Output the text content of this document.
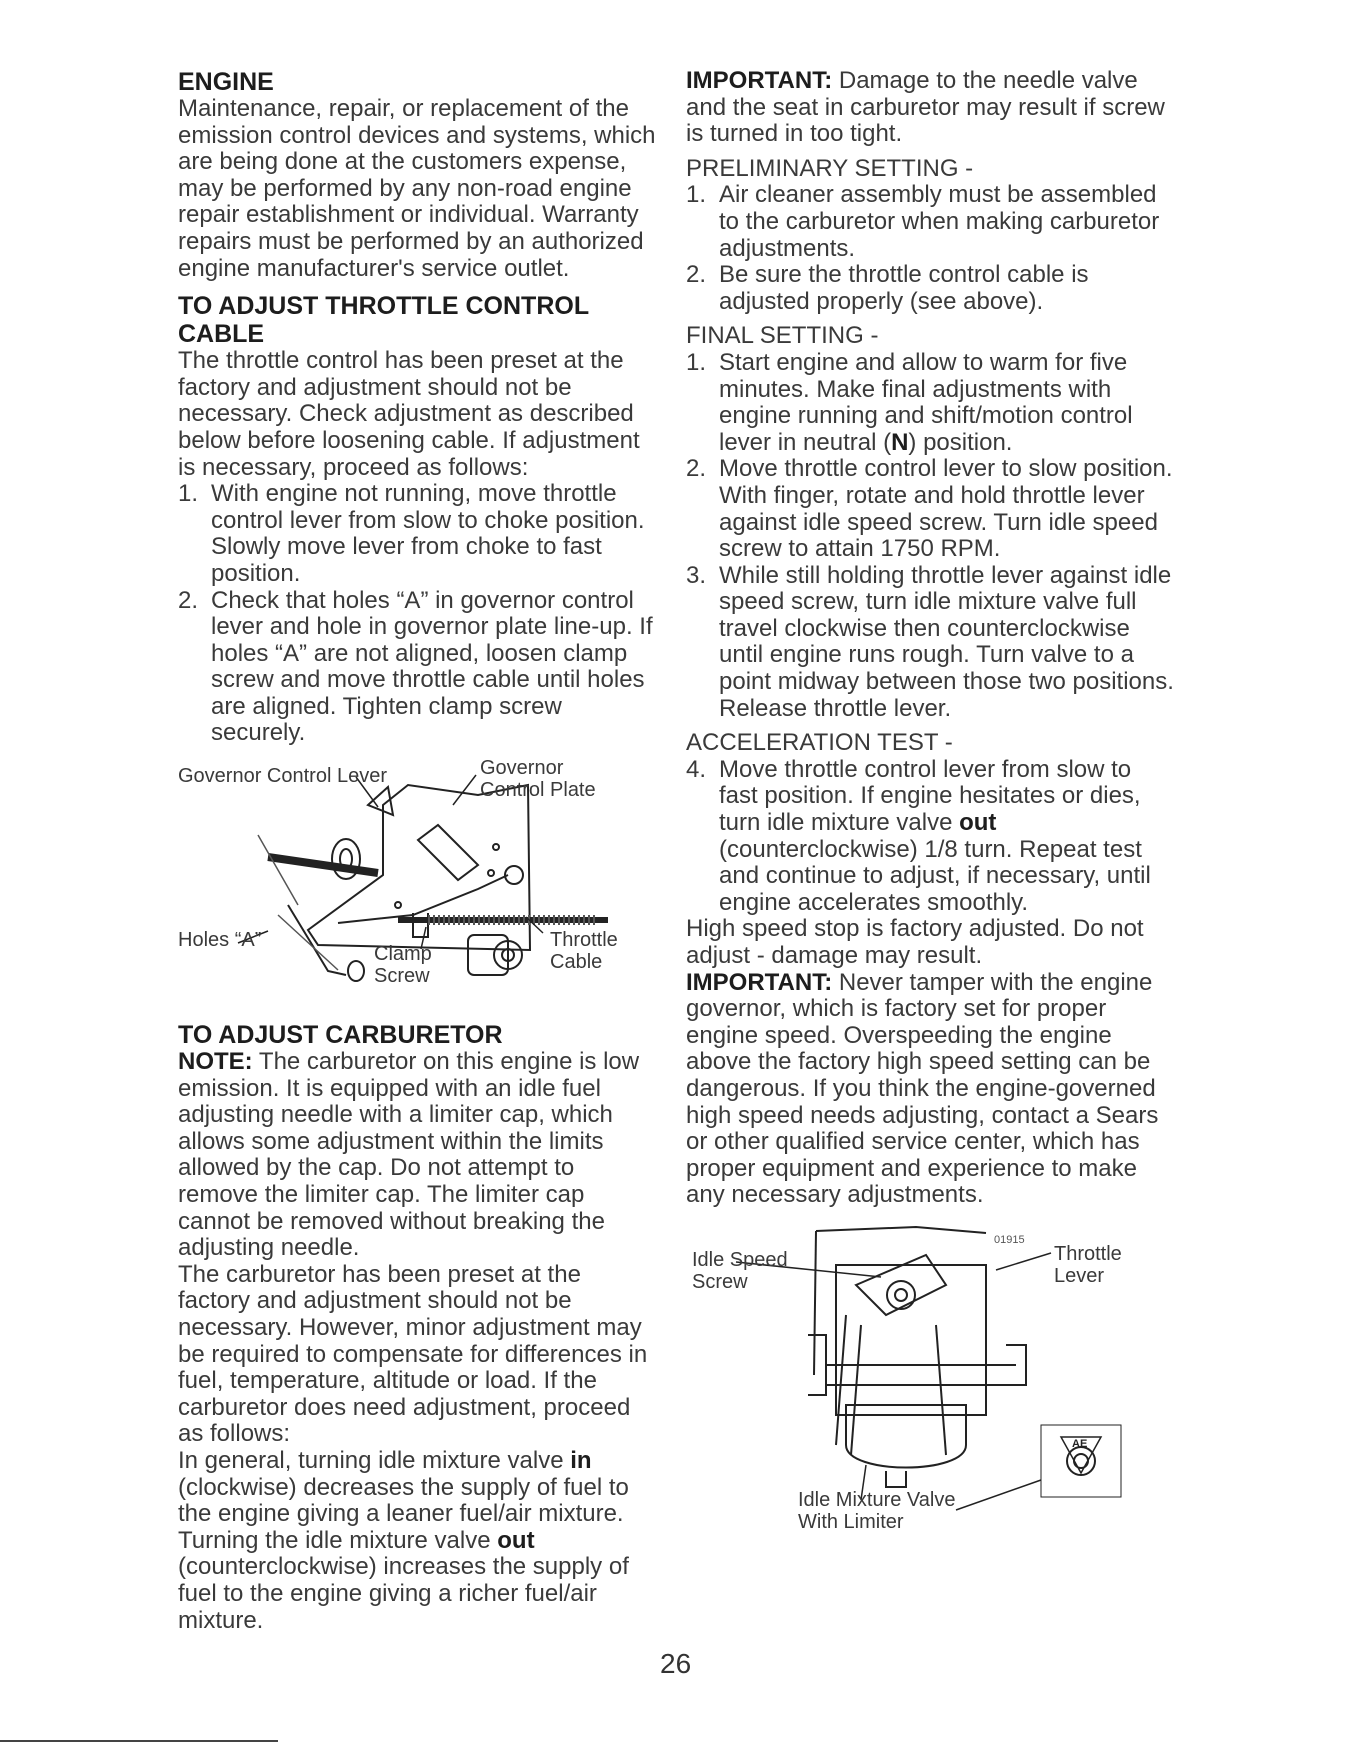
ENGINE

Maintenance, repair, or replacement of the emission control devices and systems, which are being done at the customers expense, may be performed by any non-road engine repair establishment or individual. Warranty repairs must be performed by an authorized engine manufacturer's service outlet.

TO ADJUST THROTTLE CONTROL CABLE

The throttle control has been preset at the factory and adjustment should not be necessary. Check adjustment as described below before loosening cable. If adjustment is necessary, proceed as follows:

1. With engine not running, move throttle control lever from slow to choke position. Slowly move lever from choke to fast position.
2. Check that holes “A” in governor control lever and hole in governor plate line-up. If holes “A” are not aligned, loosen clamp screw and move throttle cable until holes are aligned. Tighten clamp screw securely.
Governor Control Lever	Governor
Control Plate
Holes “A”
Clamp
Screw
Throttle
Cable
TO ADJUST CARBURETOR

NOTE: The carburetor on this engine is low emission. It is equipped with an idle fuel adjusting needle with a limiter cap, which allows some adjustment within the limits allowed by the cap. Do not attempt to remove the limiter cap. The limiter cap cannot be removed without breaking the adjusting needle.

The carburetor has been preset at the factory and adjustment should not be necessary. However, minor adjustment may be required to compensate for differences in fuel, temperature, altitude or load. If the carburetor does need adjustment, proceed as follows:

In general, turning idle mixture valve in (clockwise) decreases the supply of fuel to the engine giving a leaner fuel/air mixture. Turning the idle mixture valve out (counterclockwise) increases the supply of fuel to the engine giving a richer fuel/air mixture.

IMPORTANT: Damage to the needle valve and the seat in carburetor may result if screw is turned in too tight.

PRELIMINARY SETTING -

1. Air cleaner assembly must be assembled to the carburetor when making carburetor adjustments.
2. Be sure the throttle control cable is adjusted properly (see above).

FINAL SETTING -

1. Start engine and allow to warm for five minutes. Make final adjustments with engine running and shift/motion control lever in neutral (N) position.
2. Move throttle control lever to slow position. With finger, rotate and hold throttle lever against idle speed screw. Turn idle speed screw to attain 1750 RPM.
3. While still holding throttle lever against idle speed screw, turn idle mixture valve full travel clockwise then counterclockwise until engine runs rough. Turn valve to a point midway between those two positions. Release throttle lever.

ACCELERATION TEST -

4. Move throttle control lever from slow to fast position. If engine hesitates or dies, turn idle mixture valve out (counterclockwise) 1/8 turn. Repeat test and continue to adjust, if necessary, until engine accelerates smoothly.

High speed stop is factory adjusted. Do not adjust - damage may result.

IMPORTANT: Never tamper with the engine governor, which is factory set for proper engine speed. Overspeeding the engine above the factory high speed setting can be dangerous. If you think the engine-governed high speed needs adjusting, contact a Sears or other qualified service center, which has proper equipment and experience to make any necessary adjustments.

01915
AE
Idle Speed
Screw
Throttle
Lever
Idle Mixture Valve
With Limiter
26
